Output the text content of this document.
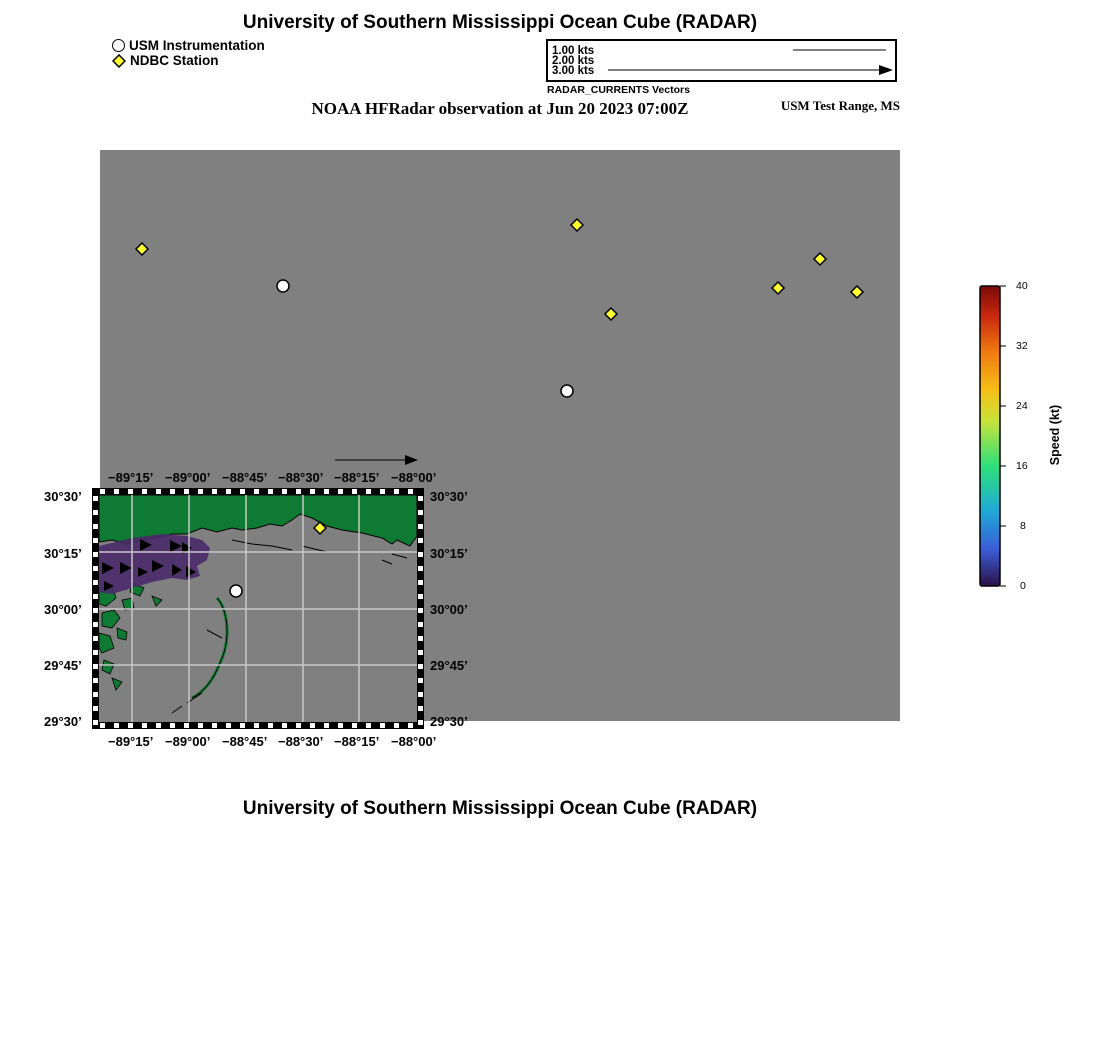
University of Southern Mississippi Ocean Cube (RADAR)
USM Instrumentation
NDBC Station
1.00 kts
2.00 kts
3.00 kts
RADAR_CURRENTS Vectors
NOAA HFRadar observation at Jun 20 2023 07:00Z	USM Test Range, MS
−89°15’ −89°00’ −88°45’ −88°30’ −88°15’ −88°00’
−89°15’ −89°00’ −88°45’ −88°30’ −88°15’ −88°00’
30°30’
30°15’
30°00’
29°45’
29°30’
30°30’
30°15’
30°00’
29°45’
29°30’
40
32
24
16
8
0
Speed (kt)
University of Southern Mississippi Ocean Cube (RADAR)
